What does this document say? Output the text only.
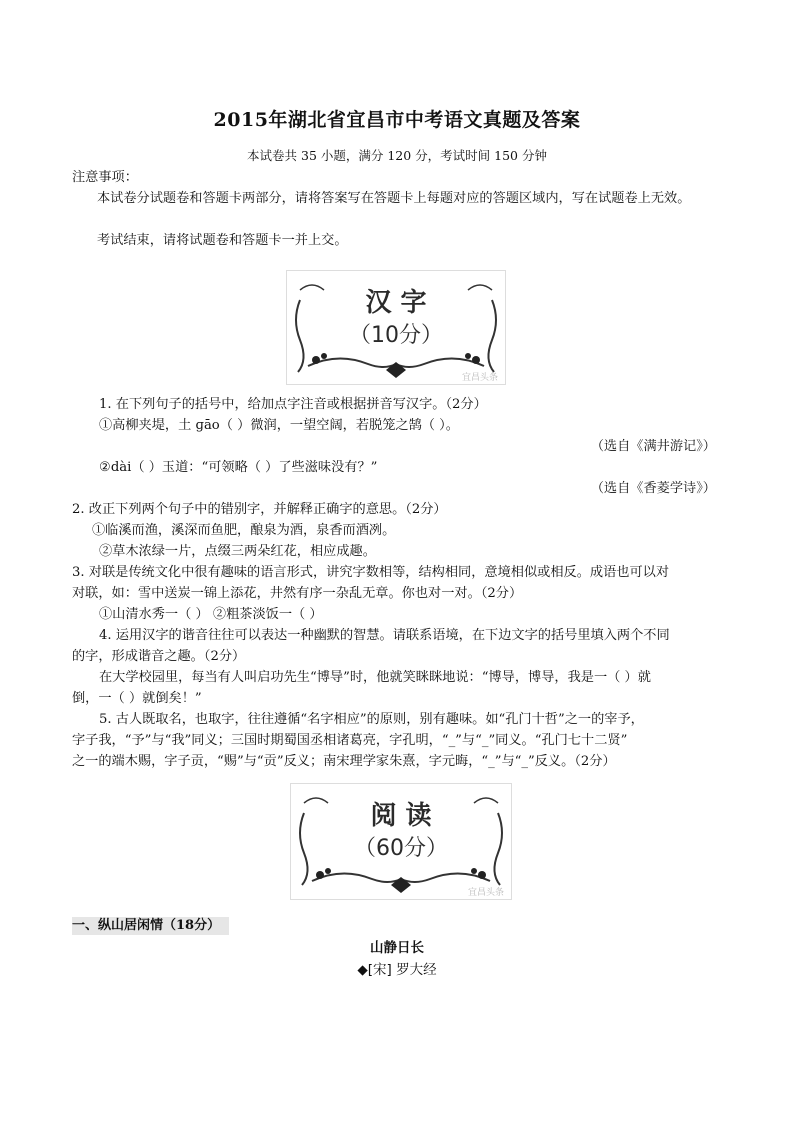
2015年湖北省宜昌市中考语文真题及答案
本试卷共 35 小题，满分 120 分，考试时间 150 分钟
注意事项：
本试卷分试题卷和答题卡两部分，请将答案写在答题卡上每题对应的答题区域内，写在试题卷上无效。
考试结束，请将试题卷和答题卡一并上交。
汉 字
（10分）
宜昌头条
1. 在下列句子的括号中，给加点字注音或根据拼音写汉字。（2分）
①高柳夹堤，土 ɡāo（ ）微润，一望空阔，若脱笼之鹄（ ）。
（选自《满井游记》）
②dài（ ）玉道：“可领略（ ）了些滋味没有？”
（选自《香菱学诗》）
2. 改正下列两个句子中的错别字，并解释正确字的意思。（2分）
①临溪而渔，溪深而鱼肥，酿泉为酒，泉香而酒冽。
②草木浓绿一片，点缀三两朵红花，相应成趣。
3. 对联是传统文化中很有趣味的语言形式，讲究字数相等，结构相同，意境相似或相反。成语也可以对
对联，如：雪中送炭一锦上添花，井然有序一杂乱无章。你也对一对。（2分）
①山清水秀一（ ） ②粗茶淡饭一（ ）
4. 运用汉字的谐音往往可以表达一种幽默的智慧。请联系语境，在下边文字的括号里填入两个不同
的字，形成谐音之趣。（2分）
在大学校园里，每当有人叫启功先生“博导”时，他就笑眯眯地说：“博导，博导，我是一（ ）就
倒，一（ ）就倒矣！”
5. 古人既取名，也取字，往往遵循“名字相应”的原则，别有趣味。如“孔门十哲”之一的宰予，
字子我，“予”与“我”同义；三国时期蜀国丞相诸葛亮，字孔明，“_”与“_”同义。“孔门七十二贤”
之一的端木赐，字子贡，“赐”与“贡”反义；南宋理学家朱熹，字元晦，“_”与“_”反义。（2分）
阅 读
（60分）
宜昌头条
一、纵山居闲情（18分）
山静日长
◆[宋] 罗大经
